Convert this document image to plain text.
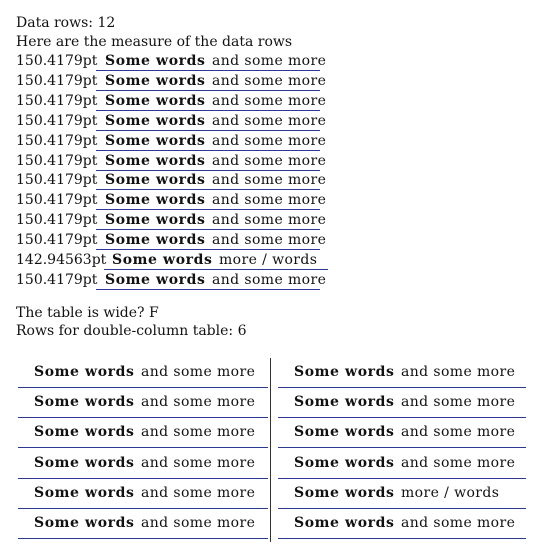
Data rows: 12
Here are the measure of the data rows
150.4179pt Some words and some more
150.4179pt Some words and some more
150.4179pt Some words and some more
150.4179pt Some words and some more
150.4179pt Some words and some more
150.4179pt Some words and some more
150.4179pt Some words and some more
150.4179pt Some words and some more
150.4179pt Some words and some more
150.4179pt Some words and some more
142.94563pt Some words more / words
150.4179pt Some words and some more
The table is wide? F
Rows for double-column table: 6
Some words and some more
Some words and some more
Some words and some more
Some words and some more
Some words and some more
Some words and some more
Some words and some more
Some words and some more
Some words and some more
Some words and some more
Some words more / words
Some words and some more
